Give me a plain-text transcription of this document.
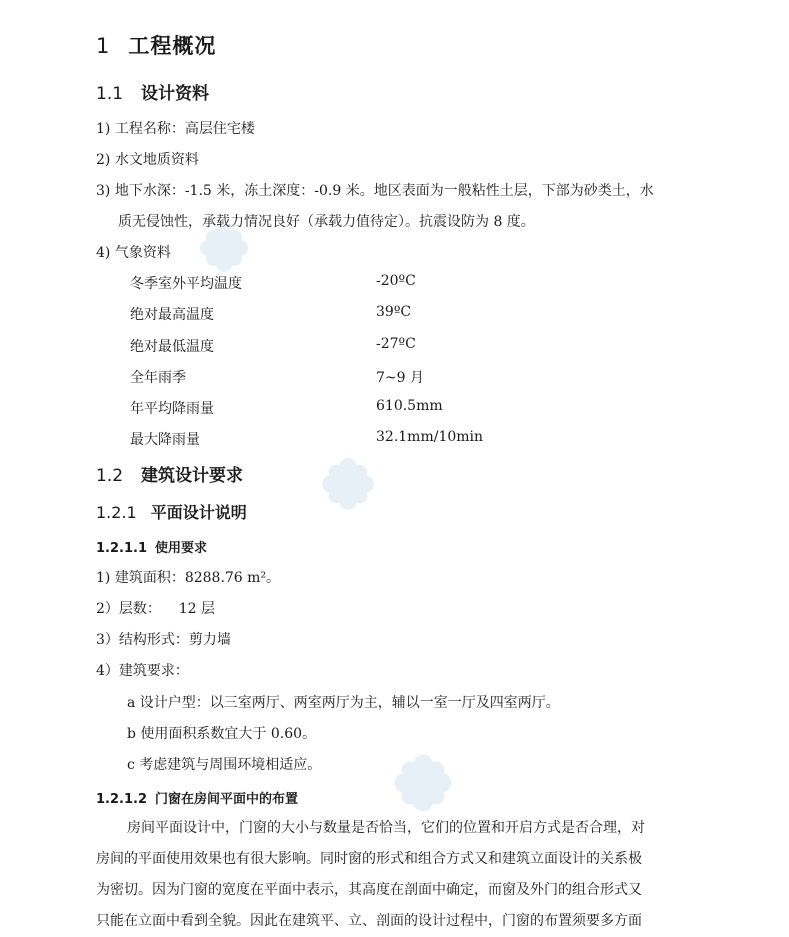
1 工程概况
1.1 设计资料
1) 工程名称：高层住宅楼
2) 水文地质资料
3) 地下水深：-1.5 米，冻土深度：-0.9 米。地区表面为一般粘性土层，下部为砂类土，水
质无侵蚀性，承载力情况良好（承载力值待定）。抗震设防为 8 度。
4) 气象资料
冬季室外平均温度	-20ºC
绝对最高温度	39ºC
绝对最低温度	-27ºC
全年雨季	7~9 月
年平均降雨量	610.5mm
最大降雨量	32.1mm/10min
1.2 建筑设计要求
1.2.1 平面设计说明
1.2.1.1 使用要求
1) 建筑面积：8288.76 m²。
2）层数：    12 层
3）结构形式：剪力墙
4）建筑要求：
a 设计户型：以三室两厅、两室两厅为主，辅以一室一厅及四室两厅。
b 使用面积系数宜大于 0.60。
c 考虑建筑与周围环境相适应。
1.2.1.2 门窗在房间平面中的布置
房间平面设计中，门窗的大小与数量是否恰当，它们的位置和开启方式是否合理，对
房间的平面使用效果也有很大影响。同时窗的形式和组合方式又和建筑立面设计的关系极
为密切。因为门窗的宽度在平面中表示，其高度在剖面中确定，而窗及外门的组合形式又
只能在立面中看到全貌。因此在建筑平、立、剖面的设计过程中，门窗的布置须要多方面
